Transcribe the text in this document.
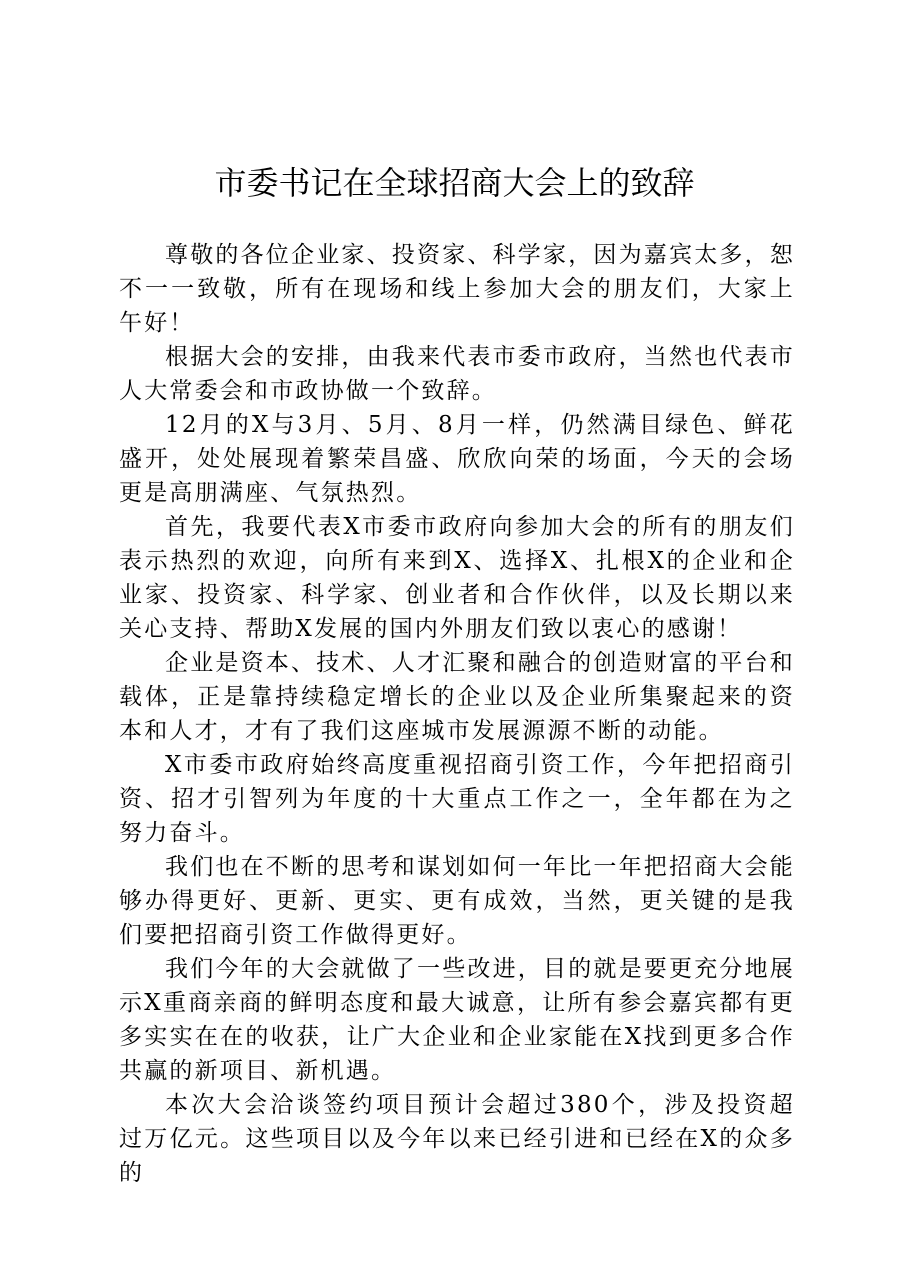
市委书记在全球招商大会上的致辞

尊敬的各位企业家、投资家、科学家，因为嘉宾太多，恕不一一致敬，所有在现场和线上参加大会的朋友们，大家上午好！

根据大会的安排，由我来代表市委市政府，当然也代表市人大常委会和市政协做一个致辞。

12月的X与3月、5月、8月一样，仍然满目绿色、鲜花盛开，处处展现着繁荣昌盛、欣欣向荣的场面，今天的会场更是高朋满座、气氛热烈。

首先，我要代表X市委市政府向参加大会的所有的朋友们表示热烈的欢迎，向所有来到X、选择X、扎根X的企业和企业家、投资家、科学家、创业者和合作伙伴，以及长期以来关心支持、帮助X发展的国内外朋友们致以衷心的感谢！

企业是资本、技术、人才汇聚和融合的创造财富的平台和载体，正是靠持续稳定增长的企业以及企业所集聚起来的资本和人才，才有了我们这座城市发展源源不断的动能。

X市委市政府始终高度重视招商引资工作，今年把招商引资、招才引智列为年度的十大重点工作之一，全年都在为之努力奋斗。

我们也在不断的思考和谋划如何一年比一年把招商大会能够办得更好、更新、更实、更有成效，当然，更关键的是我们要把招商引资工作做得更好。

我们今年的大会就做了一些改进，目的就是要更充分地展示X重商亲商的鲜明态度和最大诚意，让所有参会嘉宾都有更多实实在在的收获，让广大企业和企业家能在X找到更多合作共赢的新项目、新机遇。

本次大会洽谈签约项目预计会超过380个，涉及投资超过万亿元。这些项目以及今年以来已经引进和已经在X的众多的
